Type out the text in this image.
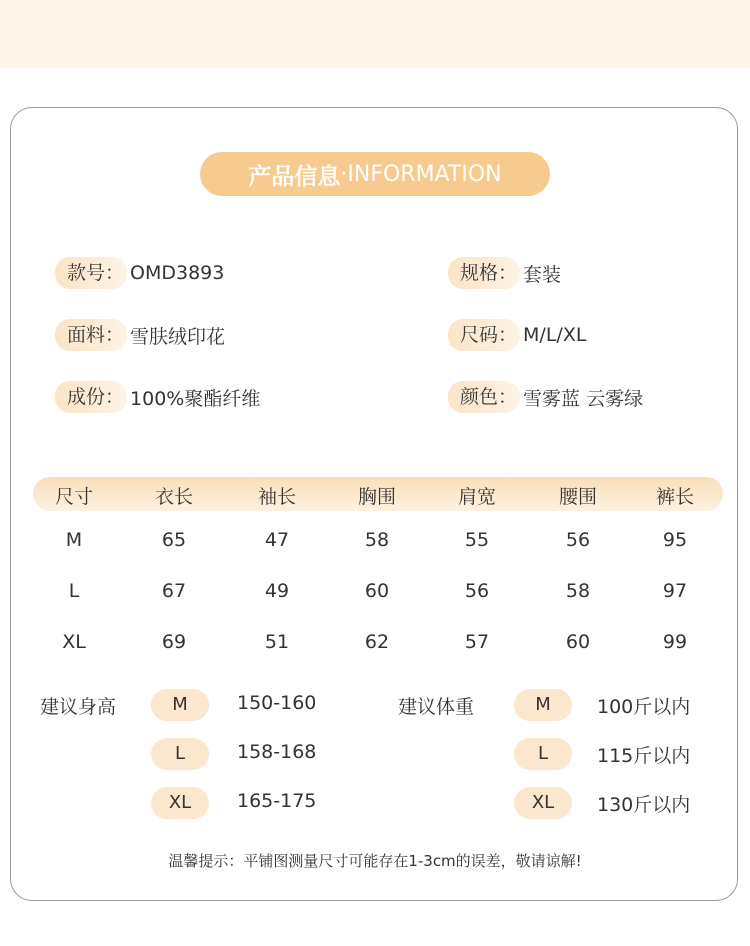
产品信息 · INFORMATION
款号： OMD3893	规格： 套装
面料： 雪肤绒印花	尺码： M/L/XL
成份： 100%聚酯纤维	颜色： 雪雾蓝 云雾绿
尺寸	衣长	袖长	胸围	肩宽	腰围	裤长
M	65	47	58	55	56	95
L	67	49	60	56	58	97
XL	69	51	62	57	60	99
建议身高	M	150-160
L	158-168
XL	165-175
建议体重	M	100斤以内
L	115斤以内
XL	130斤以内
温馨提示：平铺图测量尺寸可能存在1-3cm的误差，敬请谅解!
